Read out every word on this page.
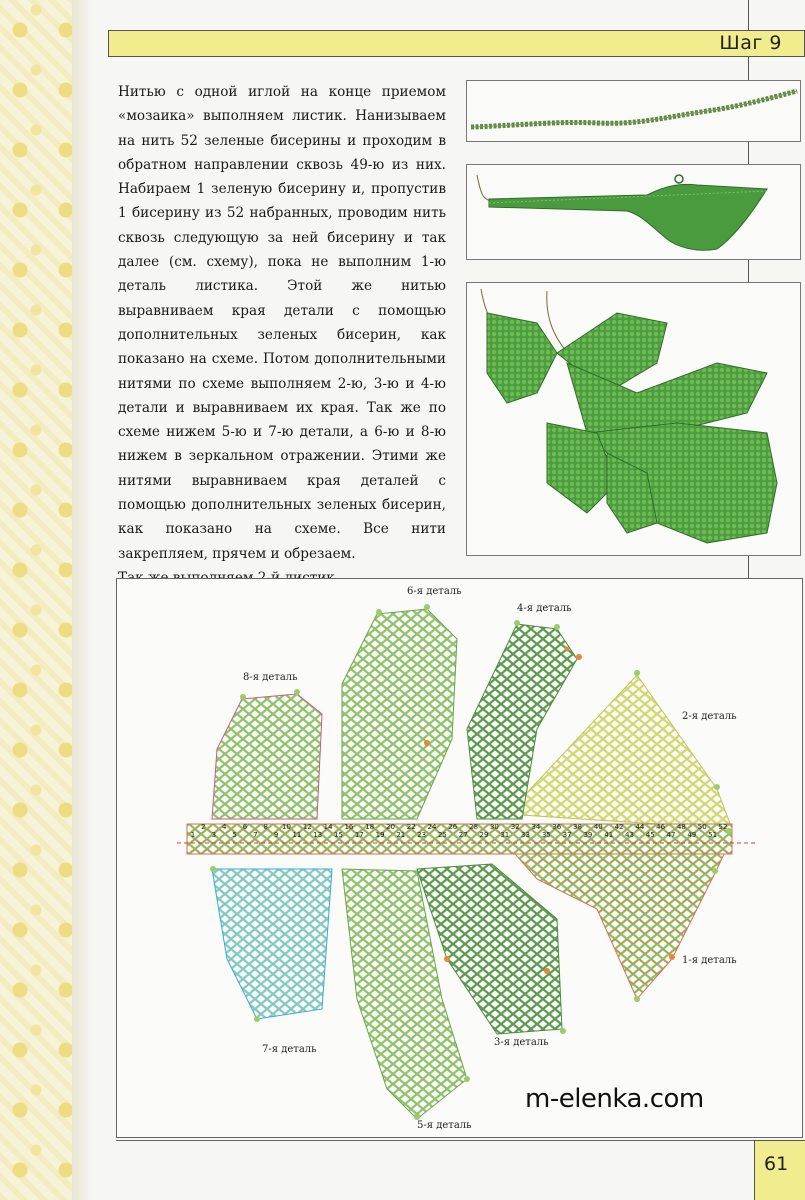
Шаг 9

Нитью с одной иглой на конце приемом «мозаика» выполняем листик. Нанизываем на нить 52 зеленые бисерины и проходим в обратном направлении сквозь 49-ю из них. Набираем 1 зеленую бисерину и, пропустив 1 бисерину из 52 набранных, проводим нить сквозь следующую за ней бисерину и так далее (см. схему), пока не выполним 1-ю деталь листика. Этой же нитью выравниваем края детали с помощью дополнительных зеленых бисерин, как показано на схеме. Потом дополнительными нитями по схеме выполняем 2-ю, 3-ю и 4-ю детали и выравниваем их края. Так же по схеме нижем 5-ю и 7-ю детали, а 6-ю и 8-ю нижем в зеркальном отражении. Этими же нитями выравниваем края деталей с помощью дополнительных зеленых бисерин, как показано на схеме. Все нити закрепляем, прячем и обрезаем.

1
2
3
4
5
6
7
8
9
10
11
12
13
14
15
16
17
18
19
20
21
22
23
24
25
26
27
28
29
30
31
32
33
34
35
36
37
38
39
40
41
42
43
44
45
46
47
48
49
50
51
52
6-я деталь
4-я деталь
8-я деталь
2-я деталь
1-я деталь
7-я деталь
3-я деталь
5-я деталь
m-elenka.com
61
